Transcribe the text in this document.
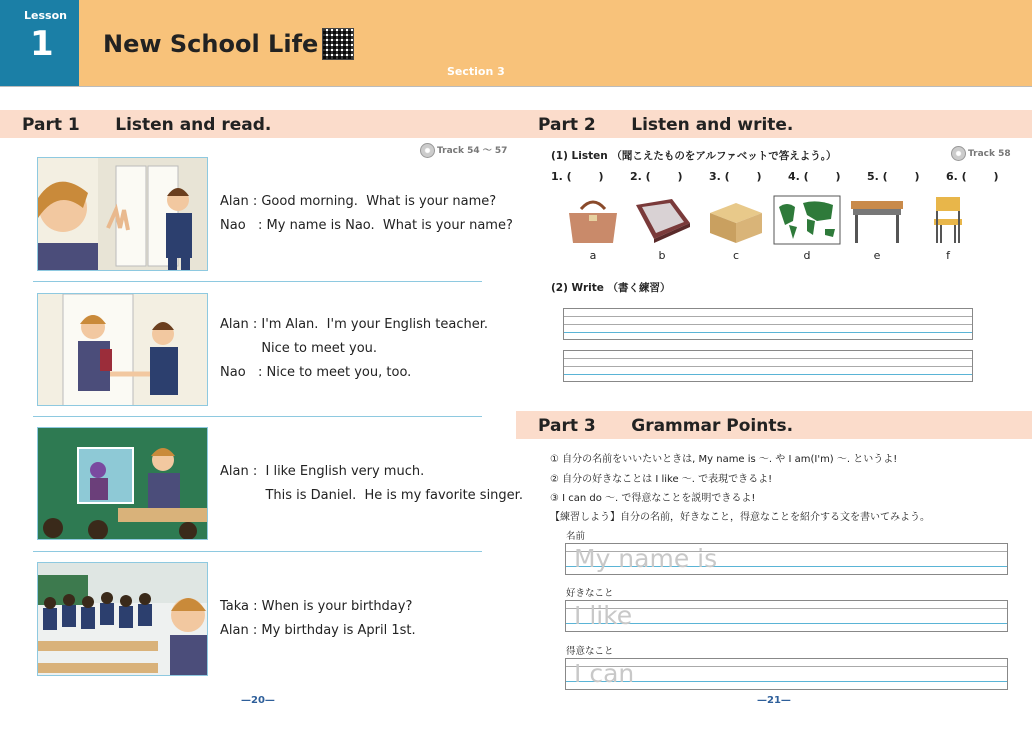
Lesson
1 New School Life
Section 3
Part 1      Listen and read.
Track 54 〜 57
Alan : Good morning.  What is your name?
Nao   : My name is Nao.  What is your name?
Alan : I'm Alan.  I'm your English teacher.
Nice to meet you.
Nao   : Nice to meet you, too.
Alan :  I like English very much.
This is Daniel.  He is my favorite singer.
Taka : When is your birthday?
Alan : My birthday is April 1st.
Part 2      Listen and write.
(1) Listen （聞こえたものをアルファベットで答えよう。）	Track 58
1. (       )	2. (       )	3. (       )	4. (       )	5. (       )	6. (       )
a	b	c	d	e	f
(2) Write （書く練習）
Part 3      Grammar Points.
① 自分の名前をいいたいときは, My name is ～. や I am(I'm) ～. というよ!
② 自分の好きなことは I like ～. で表現できるよ!
③ I can do ～. で得意なことを説明できるよ!
【練習しよう】自分の名前，好きなこと，得意なことを紹介する文を書いてみよう。
名前
My name is
好きなこと
I like
得意なこと
I can
—20—	—21—
